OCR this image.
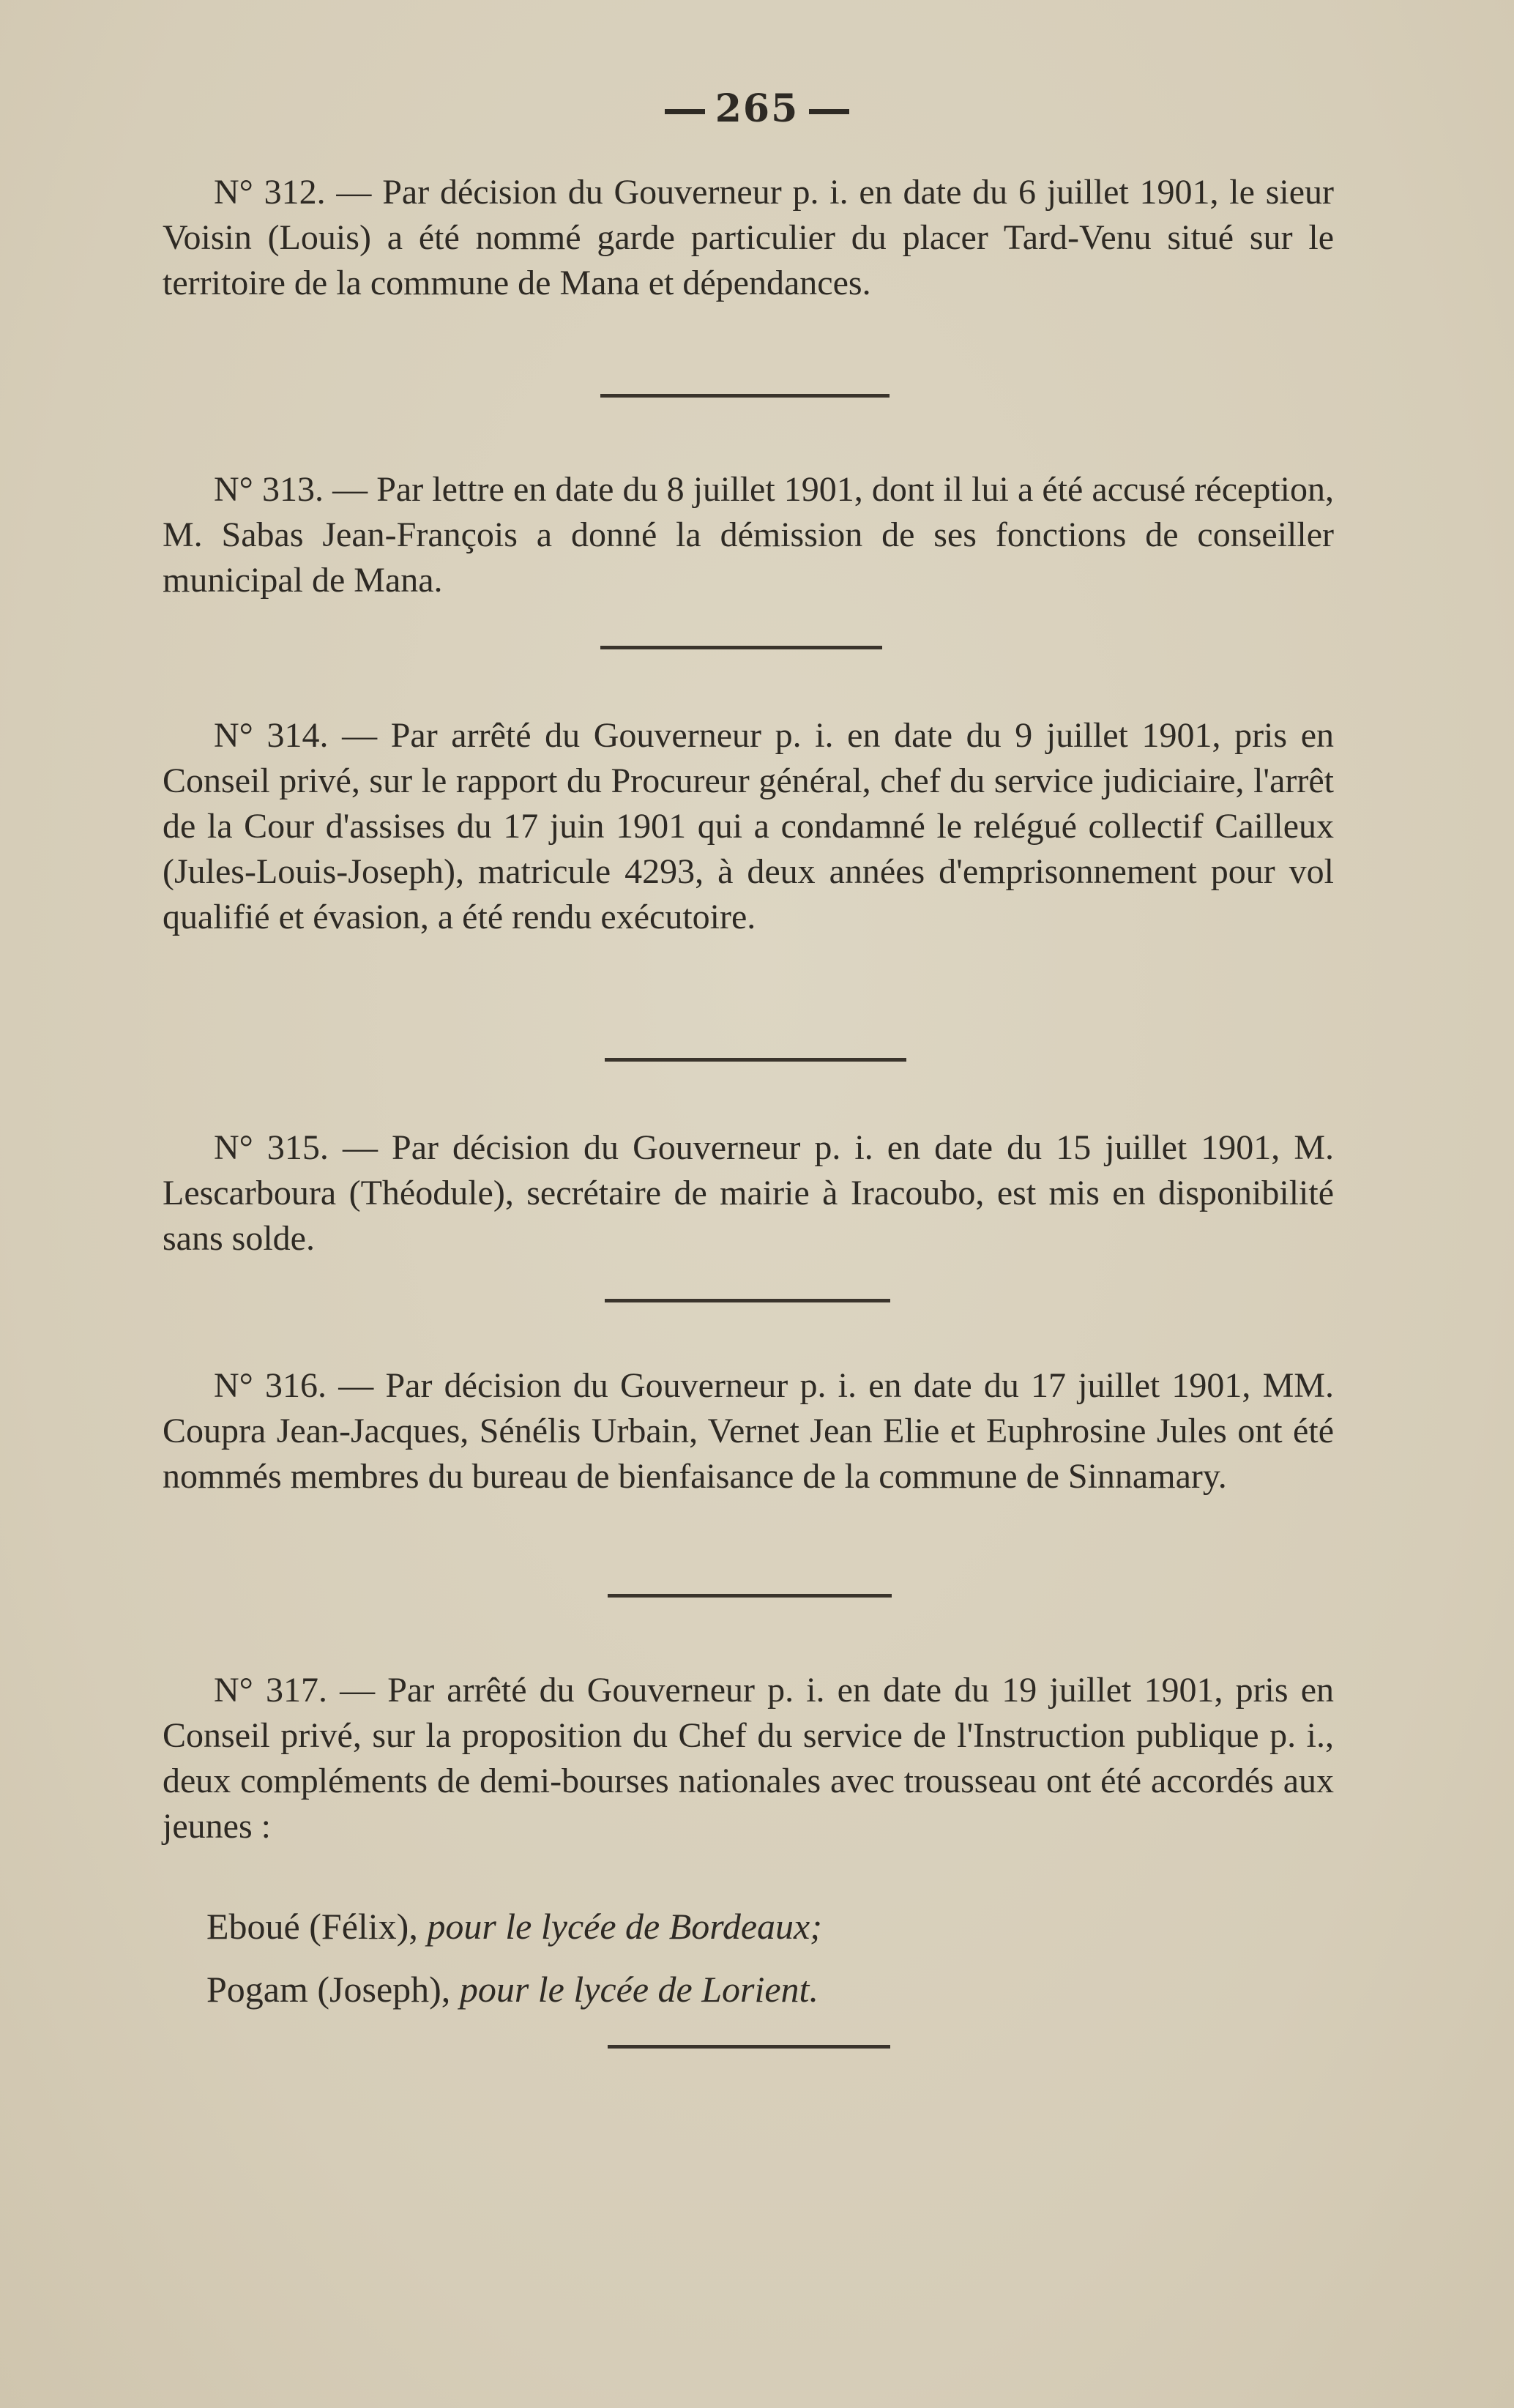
265

N° 312. — Par décision du Gouverneur p. i. en date du 6 juillet 1901, le sieur Voisin (Louis) a été nommé garde particulier du placer Tard-Venu situé sur le territoire de la commune de Mana et dépendances.

N° 313. — Par lettre en date du 8 juillet 1901, dont il lui a été accusé réception, M. Sabas Jean-François a donné la démission de ses fonctions de conseiller municipal de Mana.

N° 314. — Par arrêté du Gouverneur p. i. en date du 9 juillet 1901, pris en Conseil privé, sur le rapport du Procureur général, chef du service judiciaire, l'arrêt de la Cour d'assises du 17 juin 1901 qui a condamné le relégué collectif Cailleux (Jules-Louis-Joseph), matricule 4293, à deux années d'emprisonnement pour vol qualifié et évasion, a été rendu exécutoire.

N° 315. — Par décision du Gouverneur p. i. en date du 15 juillet 1901, M. Lescarboura (Théodule), secrétaire de mairie à Iracoubo, est mis en disponibilité sans solde.

N° 316. — Par décision du Gouverneur p. i. en date du 17 juillet 1901, MM. Coupra Jean-Jacques, Sénélis Urbain, Vernet Jean Elie et Euphrosine Jules ont été nommés membres du bureau de bienfaisance de la commune de Sinnamary.

N° 317. — Par arrêté du Gouverneur p. i. en date du 19 juillet 1901, pris en Conseil privé, sur la proposition du Chef du service de l'Instruction publique p. i., deux compléments de demi-bourses nationales avec trousseau ont été accordés aux jeunes :

Eboué (Félix), pour le lycée de Bordeaux;
Pogam (Joseph), pour le lycée de Lorient.
